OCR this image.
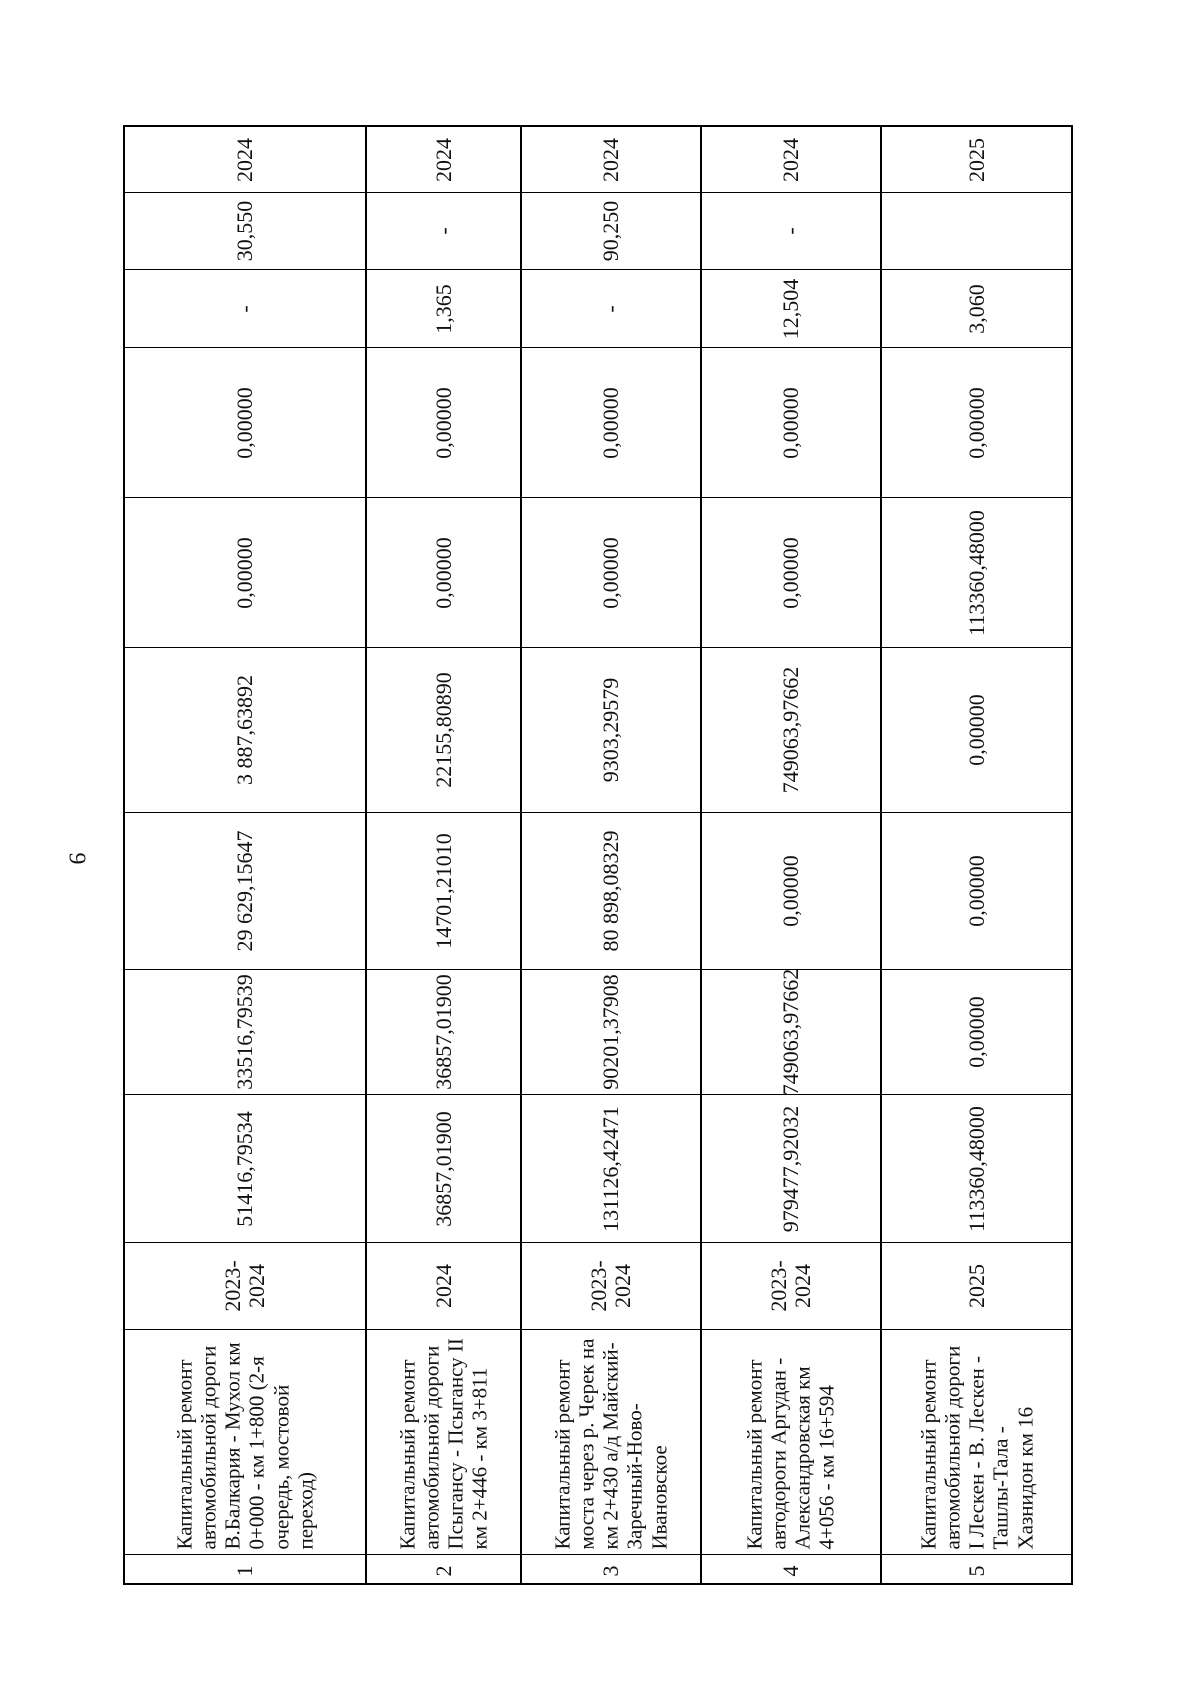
9
2024
30,550
-
0,00000
0,00000
3 887,63892
29 629,15647
33516,79539
51416,79534
2023-2024
Капитальный ремонт автомобильной дороги В.Балкария - Мухол км 0+000 - км 1+800 (2-я очередь, мостовой переход)
1
2024
-
1,365
0,00000
0,00000
22155,80890
14701,21010
36857,01900
36857,01900
2024
Капитальный ремонт автомобильной дороги Псыгансу - Псыгансу II км 2+446 - км 3+811
2
2024
90,250
-
0,00000
0,00000
9303,29579
80 898,08329
90201,37908
131126,42471
2023-2024
Капитальный ремонт моста через р. Черек на км 2+430 а/д Майский-Заречный-Ново-Ивановское
3
2024
-
12,504
0,00000
0,00000
749063,97662
0,00000
749063,97662
979477,92032
2023-2024
Капитальный ремонт автодороги Аргудан - Александровская км 4+056 - км 16+594
4
2025
3,060
0,00000
113360,48000
0,00000
0,00000
0,00000
113360,48000
2025
Капитальный ремонт автомобильной дороги I Лескен - В. Лескен - Ташлы-Тала - Хазнидон км 16
5
